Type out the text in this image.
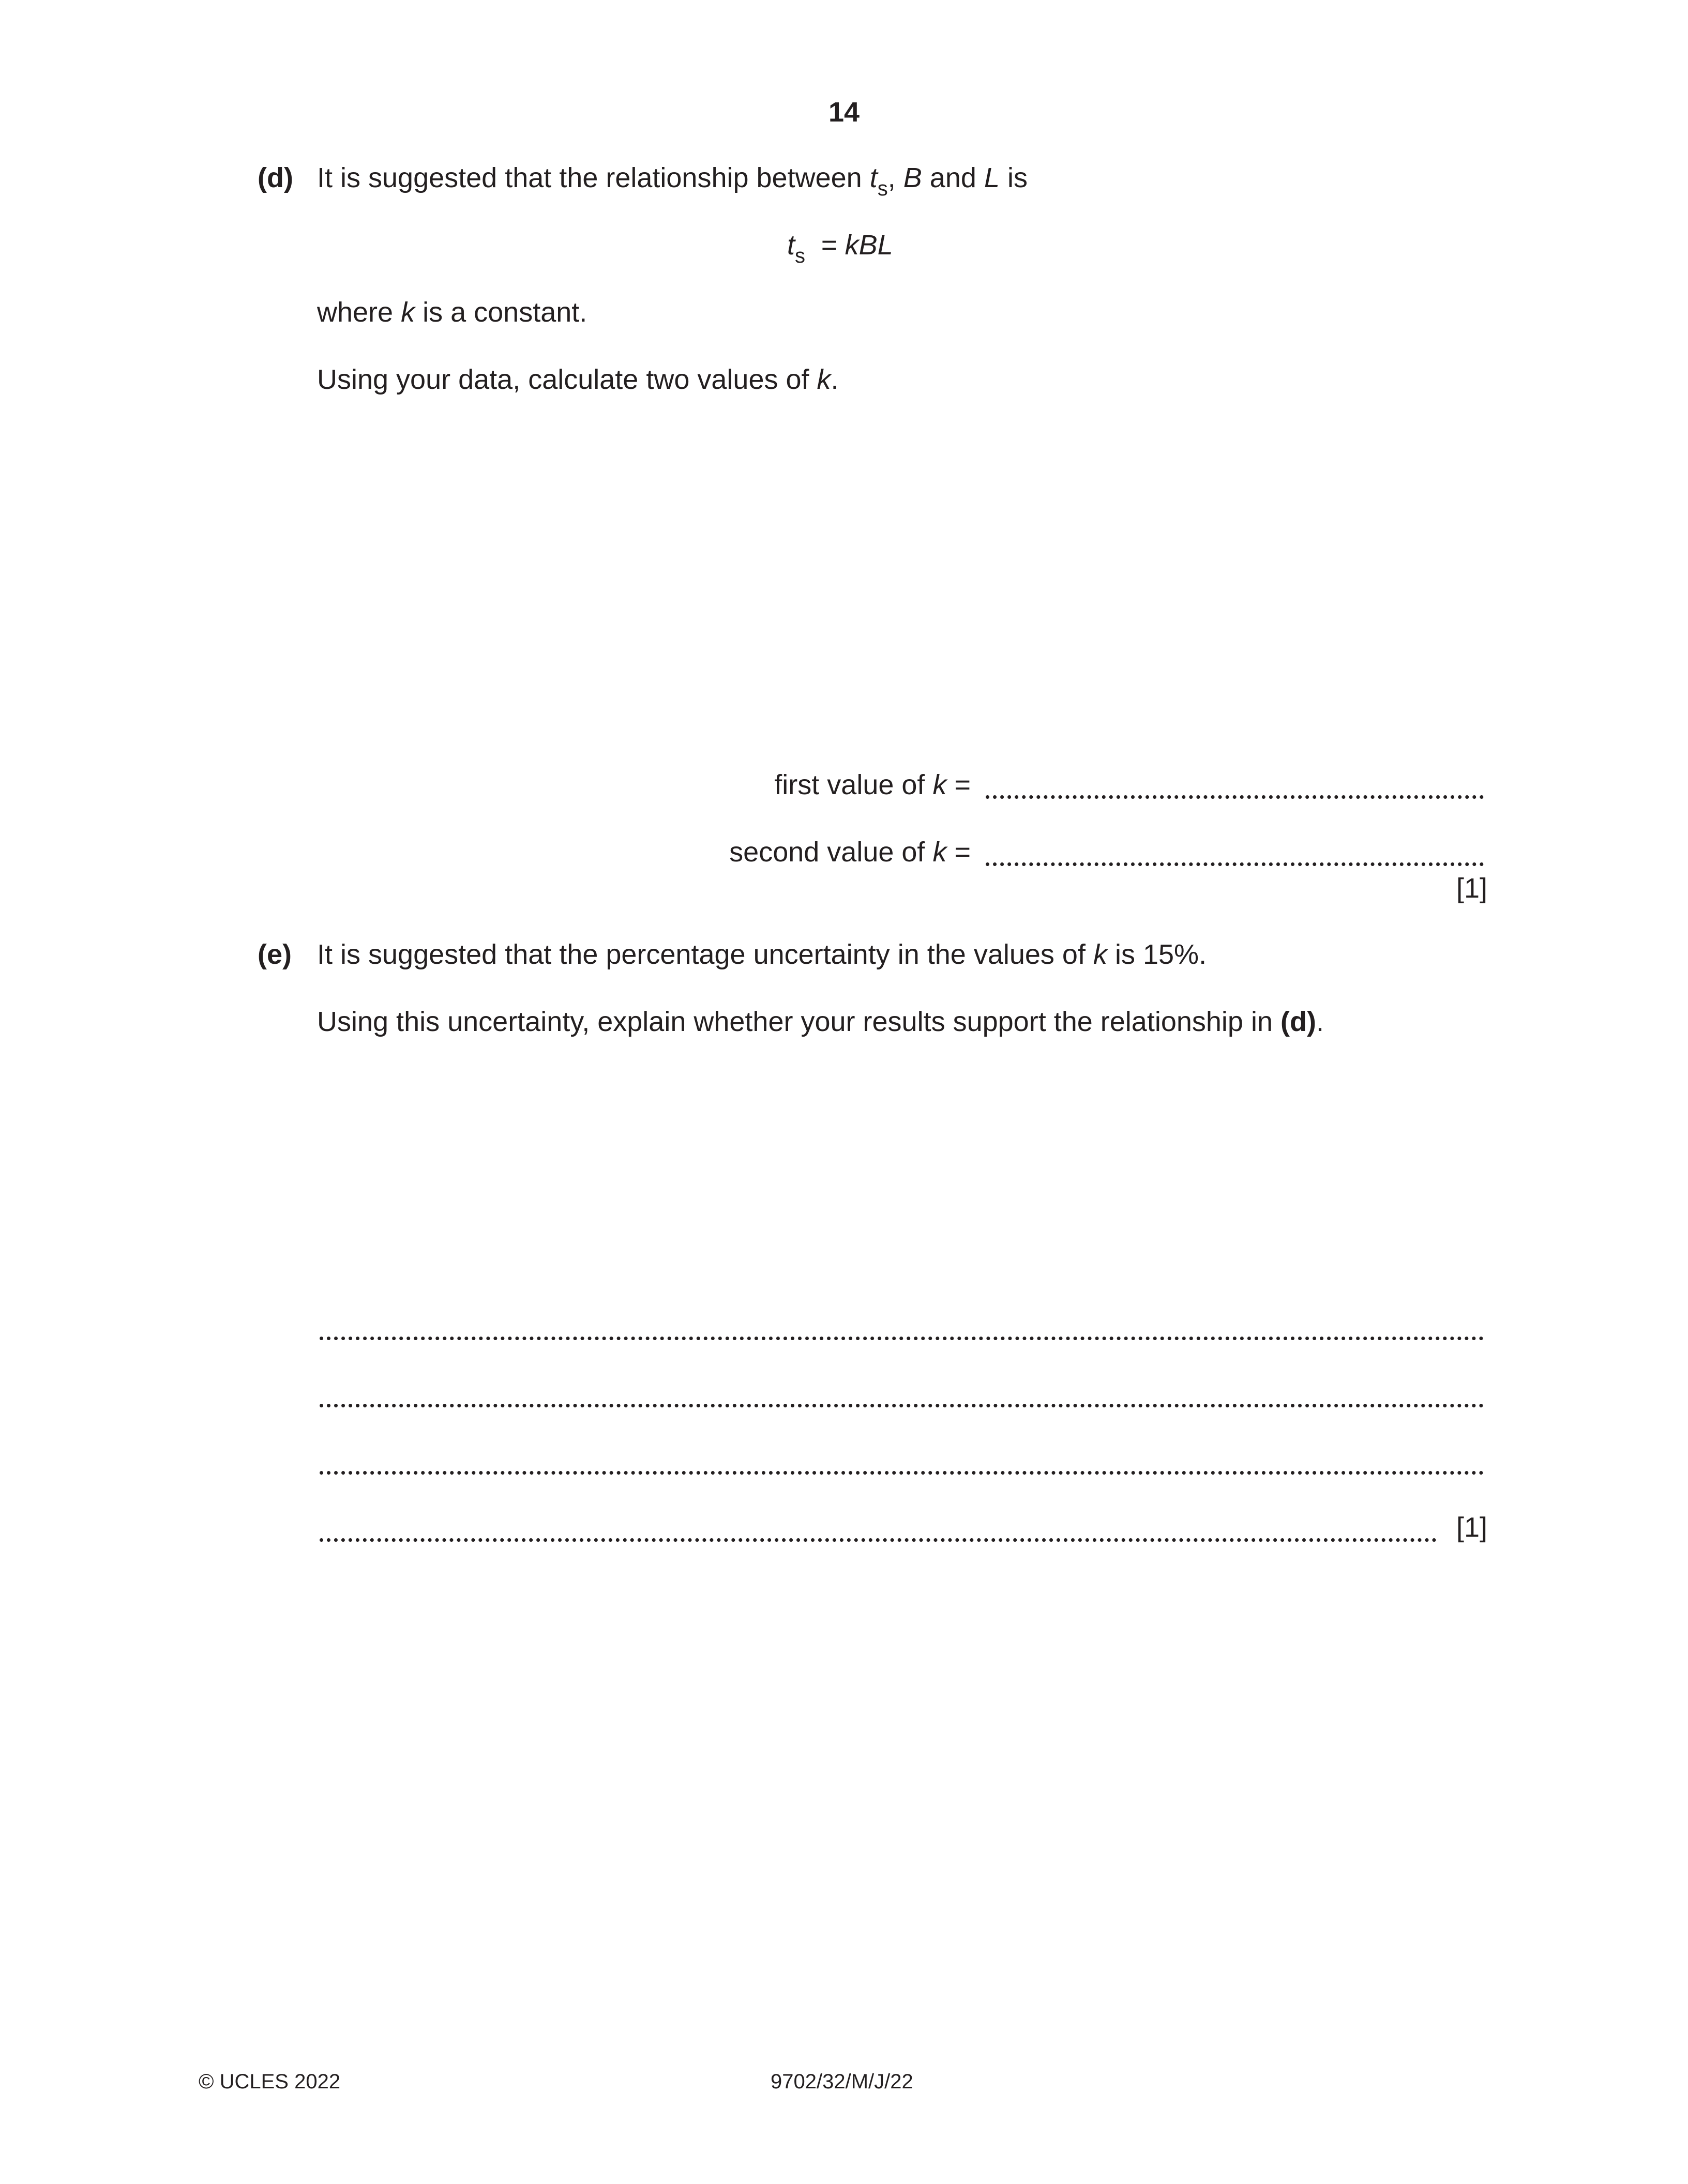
14
(d) It is suggested that the relationship between $t_s$, B and L is
$t_s$ = kBL
where k is a constant.
Using your data, calculate two values of k.
first value of k =
second value of k =
[1]
(e) It is suggested that the percentage uncertainty in the values of k is 15%.
Using this uncertainty, explain whether your results support the relationship in (d).
[1]
© UCLES 2022	9702/32/M/J/22
